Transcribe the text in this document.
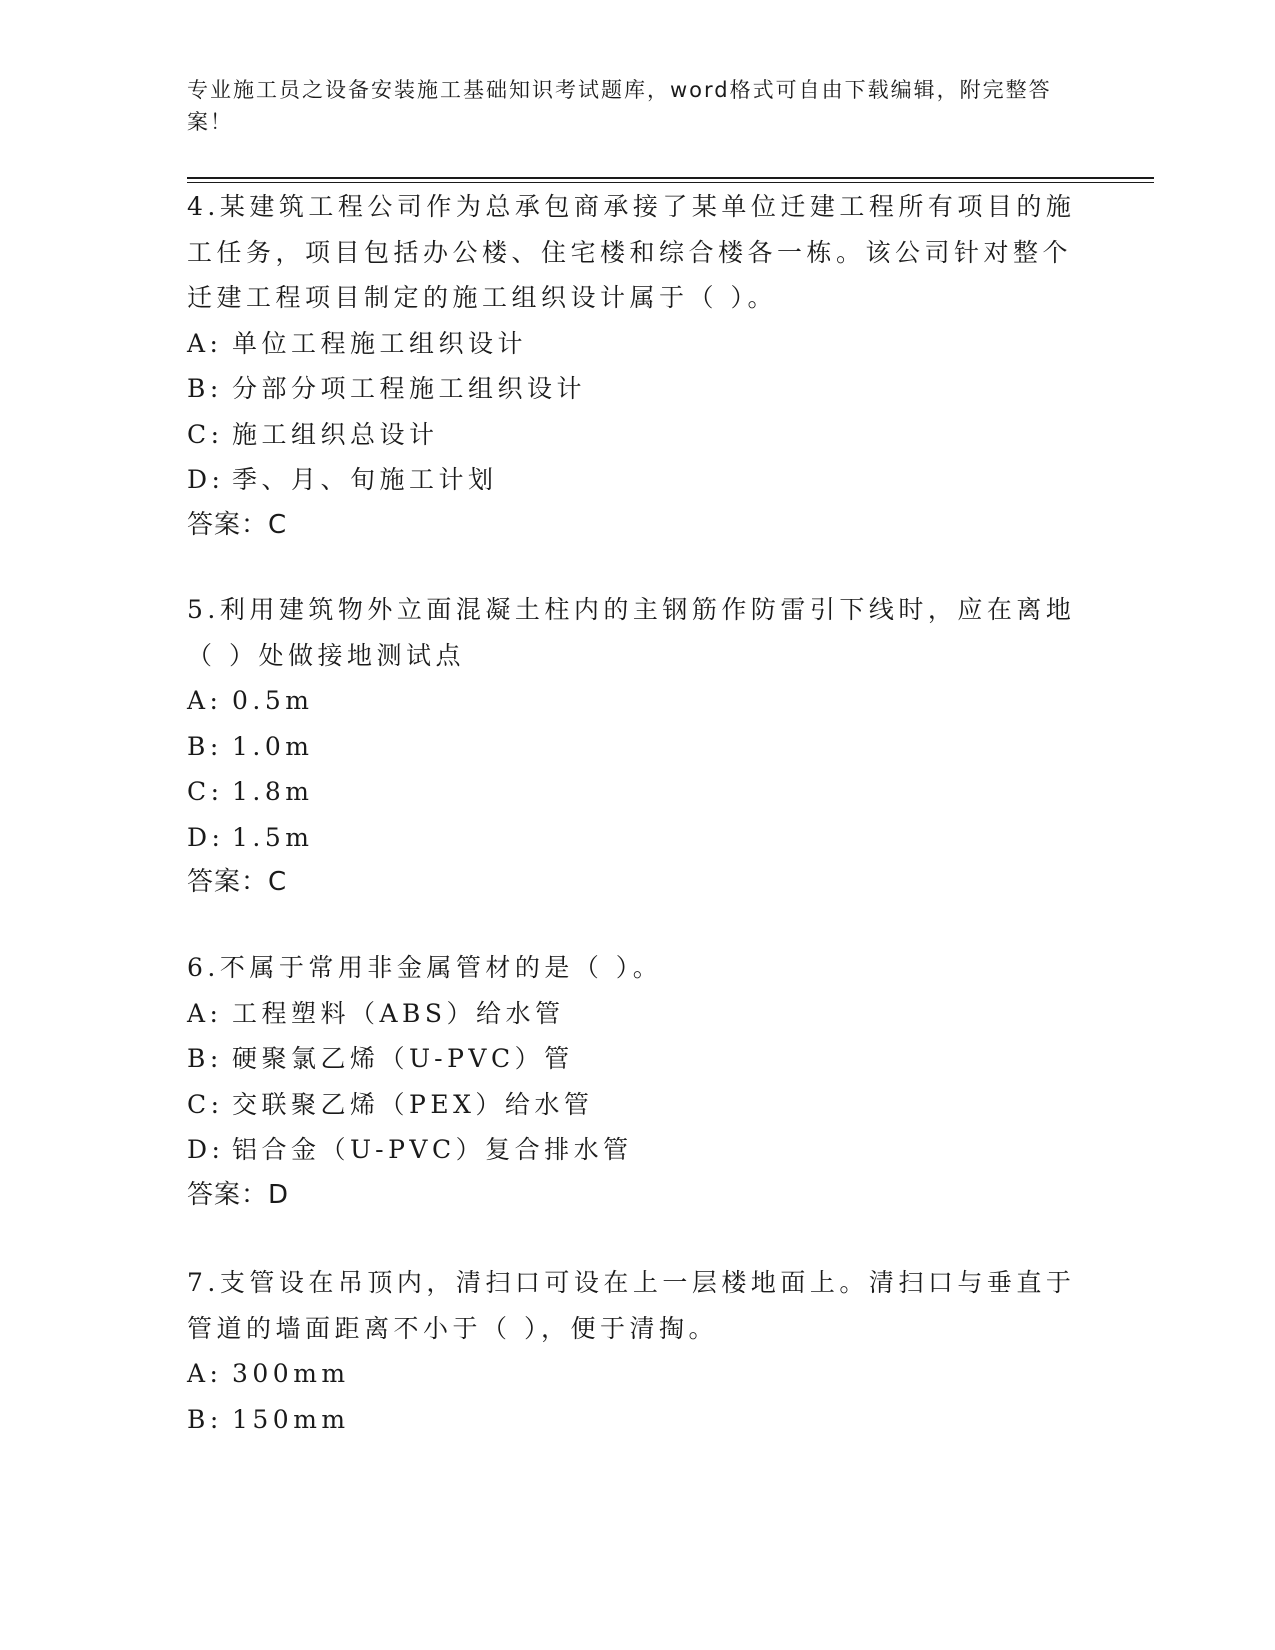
专业施工员之设备安装施工基础知识考试题库，word格式可自由下载编辑，附完整答案！

4.某建筑工程公司作为总承包商承接了某单位迁建工程所有项目的施工任务，项目包括办公楼、住宅楼和综合楼各一栋。该公司针对整个迁建工程项目制定的施工组织设计属于（ ）。

A: 单位工程施工组织设计

B: 分部分项工程施工组织设计

C: 施工组织总设计

D: 季、月、旬施工计划

答案：C

5.利用建筑物外立面混凝土柱内的主钢筋作防雷引下线时，应在离地（ ）处做接地测试点

A: 0.5m

B: 1.0m

C: 1.8m

D: 1.5m

答案：C

6.不属于常用非金属管材的是（ ）。

A: 工程塑料（ABS）给水管

B: 硬聚氯乙烯（U-PVC）管

C: 交联聚乙烯（PEX）给水管

D: 铝合金（U-PVC）复合排水管

答案：D

7.支管设在吊顶内，清扫口可设在上一层楼地面上。清扫口与垂直于管道的墙面距离不小于（ ），便于清掏。

A: 300mm

B: 150mm
